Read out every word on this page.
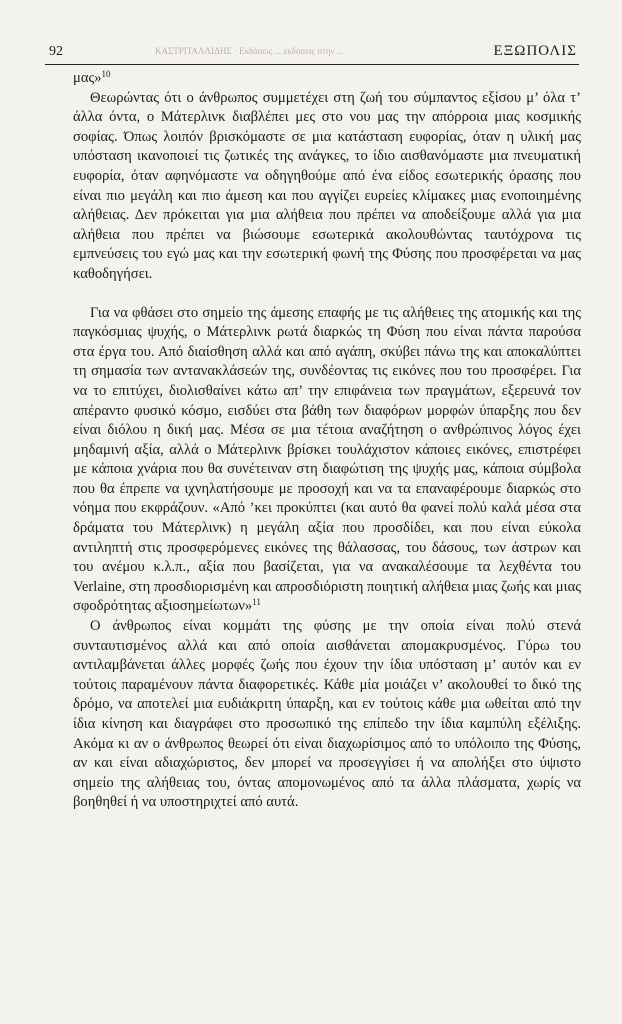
92	ΚΑΣΤΡΙΤΑΛΛΙΔΗΣ · Εκδόσεις ... εκδόσεις στην ...	ΕΞΩΠΟΛΙΣ

μας»$^{10}$

Θεωρώντας ότι ο άνθρωπος συμμετέχει στη ζωή του σύμπαντος εξίσου μ’ όλα τ’ άλλα όντα, ο Μάτερλινκ διαβλέπει μες στο νου μας την απόρροια μιας κοσμικής σοφίας. Όπως λοιπόν βρισκόμαστε σε μια κατάσταση ευφορίας, όταν η υλική μας υπόσταση ικανοποιεί τις ζωτικές της ανάγκες, το ίδιο αισθανόμαστε μια πνευματική ευφορία, όταν αφηνόμαστε να οδηγηθούμε από ένα είδος εσωτερικής όρασης που είναι πιο μεγάλη και πιο άμεση και που αγγίζει ευρείες κλίμακες μιας ενοποιημένης αλήθειας. Δεν πρόκειται για μια αλήθεια που πρέπει να αποδείξουμε αλλά για μια αλήθεια που πρέπει να βιώσουμε εσωτερικά ακολουθώντας ταυτόχρονα τις εμπνεύσεις του εγώ μας και την εσωτερική φωνή της Φύσης που προσφέρεται να μας καθοδηγήσει.

Για να φθάσει στο σημείο της άμεσης επαφής με τις αλήθειες της ατομικής και της παγκόσμιας ψυχής, ο Μάτερλινκ ρωτά διαρκώς τη Φύση που είναι πάντα παρούσα στα έργα του. Από διαίσθηση αλλά και από αγάπη, σκύβει πάνω της και αποκαλύπτει τη σημασία των αντανακλάσεών της, συνδέοντας τις εικόνες που του προσφέρει. Για να το επιτύχει, διολισθαίνει κάτω απ’ την επιφάνεια των πραγμάτων, εξερευνά τον απέραντο φυσικό κόσμο, εισδύει στα βάθη των διαφόρων μορφών ύπαρξης που δεν είναι διόλου η δική μας. Μέσα σε μια τέτοια αναζήτηση ο ανθρώπινος λόγος έχει μηδαμινή αξία, αλλά ο Μάτερλινκ βρίσκει τουλάχιστον κάποιες εικόνες, επιστρέφει με κάποια χνάρια που θα συνέτειναν στη διαφώτιση της ψυχής μας, κάποια σύμβολα που θα έπρεπε να ιχνηλατήσουμε με προσοχή και να τα επαναφέρουμε διαρκώς στο νόημα που εκφράζουν. «Από ’κει προκύπτει (και αυτό θα φανεί πολύ καλά μέσα στα δράματα του Μάτερλινκ) η μεγάλη αξία που προσδίδει, και που είναι εύκολα αντιληπτή στις προσφερόμενες εικόνες της θάλασσας, του δάσους, των άστρων και του ανέμου κ.λ.π., αξία που βασίζεται, για να ανακαλέσουμε τα λεχθέντα του Verlaine, στη προσδιορισμένη και απροσδιόριστη ποιητική αλήθεια μιας ζωής και μιας σφοδρότητας αξιοσημείωτων»$^{11}$

Ο άνθρωπος είναι κομμάτι της φύσης με την οποία είναι πολύ στενά συνταυτισμένος αλλά και από οποία αισθάνεται απομακρυσμένος. Γύρω του αντιλαμβάνεται άλλες μορφές ζωής που έχουν την ίδια υπόσταση μ’ αυτόν και εν τούτοις παραμένουν πάντα διαφορετικές. Κάθε μία μοιάζει ν’ ακολουθεί το δικό της δρόμο, να αποτελεί μια ευδιάκριτη ύπαρξη, και εν τούτοις κάθε μια ωθείται από την ίδια κίνηση και διαγράφει στο προσωπικό της επίπεδο την ίδια καμπύλη εξέλιξης. Ακόμα κι αν ο άνθρωπος θεωρεί ότι είναι διαχωρίσιμος από το υπόλοιπο της Φύσης, αν και είναι αδιαχώριστος, δεν μπορεί να προσεγγίσει ή να απολήξει στο ύψιστο σημείο της αλήθειας του, όντας απομονωμένος από τα άλλα πλάσματα, χωρίς να βοηθηθεί ή να υποστηριχτεί από αυτά.
